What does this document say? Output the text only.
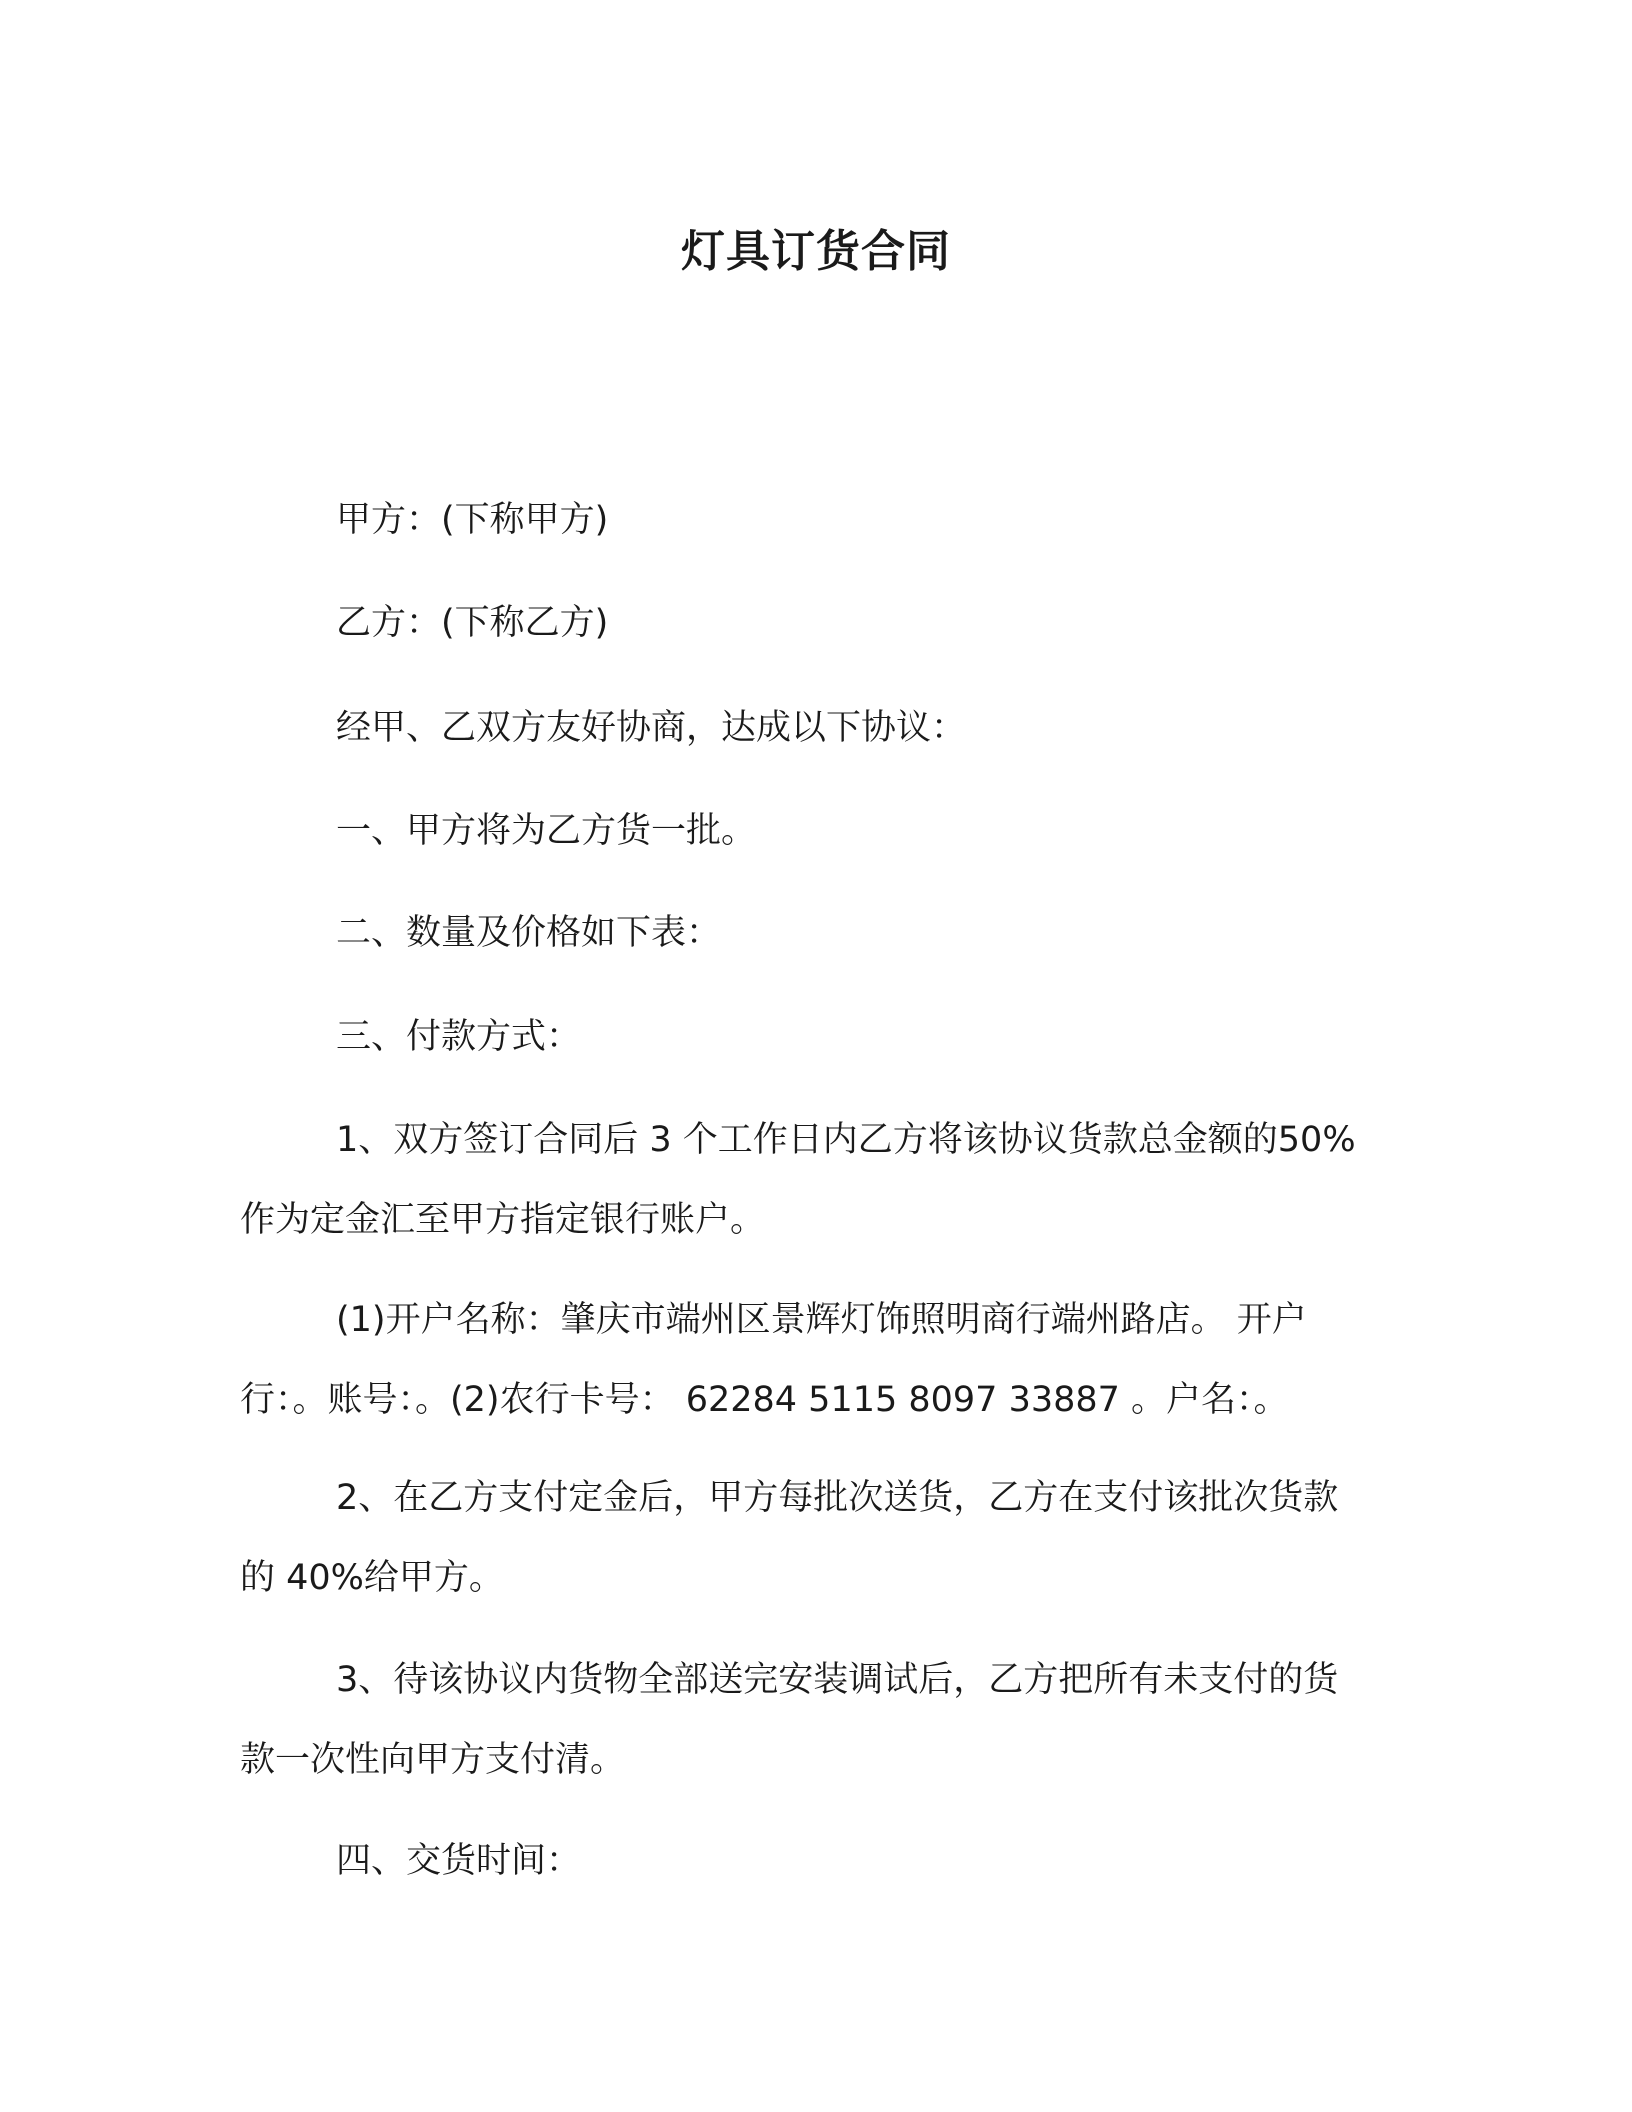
灯具订货合同
甲方：(下称甲方)
乙方：(下称乙方)
经甲、乙双方友好协商，达成以下协议：
一、甲方将为乙方货一批。
二、数量及价格如下表：
三、付款方式：
1、双方签订合同后 3 个工作日内乙方将该协议货款总金额的50%作为定金汇至甲方指定银行账户。
(1)开户名称：肇庆市端州区景辉灯饰照明商行端州路店。 开户行：。账号：。(2)农行卡号： 62284 5115 8097 33887 。户名：。
2、在乙方支付定金后，甲方每批次送货，乙方在支付该批次货款的 40%给甲方。
3、待该协议内货物全部送完安装调试后，乙方把所有未支付的货款一次性向甲方支付清。
四、交货时间：
